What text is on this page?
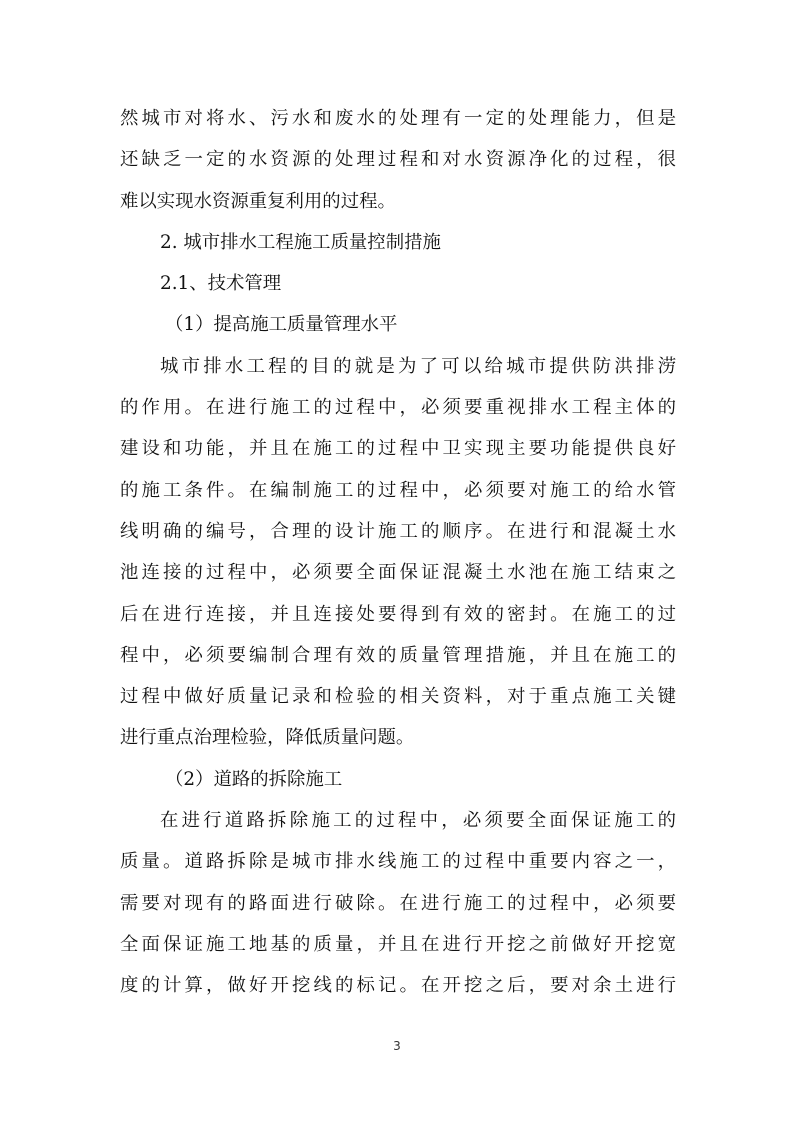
然城市对将水、污水和废水的处理有一定的处理能力，但是
还缺乏一定的水资源的处理过程和对水资源净化的过程，很
难以实现水资源重复利用的过程。
2. 城市排水工程施工质量控制措施
2.1、技术管理
（1）提高施工质量管理水平
城市排水工程的目的就是为了可以给城市提供防洪排涝
的作用。在进行施工的过程中，必须要重视排水工程主体的
建设和功能，并且在施工的过程中卫实现主要功能提供良好
的施工条件。在编制施工的过程中，必须要对施工的给水管
线明确的编号，合理的设计施工的顺序。在进行和混凝土水
池连接的过程中，必须要全面保证混凝土水池在施工结束之
后在进行连接，并且连接处要得到有效的密封。在施工的过
程中，必须要编制合理有效的质量管理措施，并且在施工的
过程中做好质量记录和检验的相关资料，对于重点施工关键
进行重点治理检验，降低质量问题。
（2）道路的拆除施工
在进行道路拆除施工的过程中，必须要全面保证施工的
质量。道路拆除是城市排水线施工的过程中重要内容之一，
需要对现有的路面进行破除。在进行施工的过程中，必须要
全面保证施工地基的质量，并且在进行开挖之前做好开挖宽
度的计算，做好开挖线的标记。在开挖之后，要对余土进行
3
